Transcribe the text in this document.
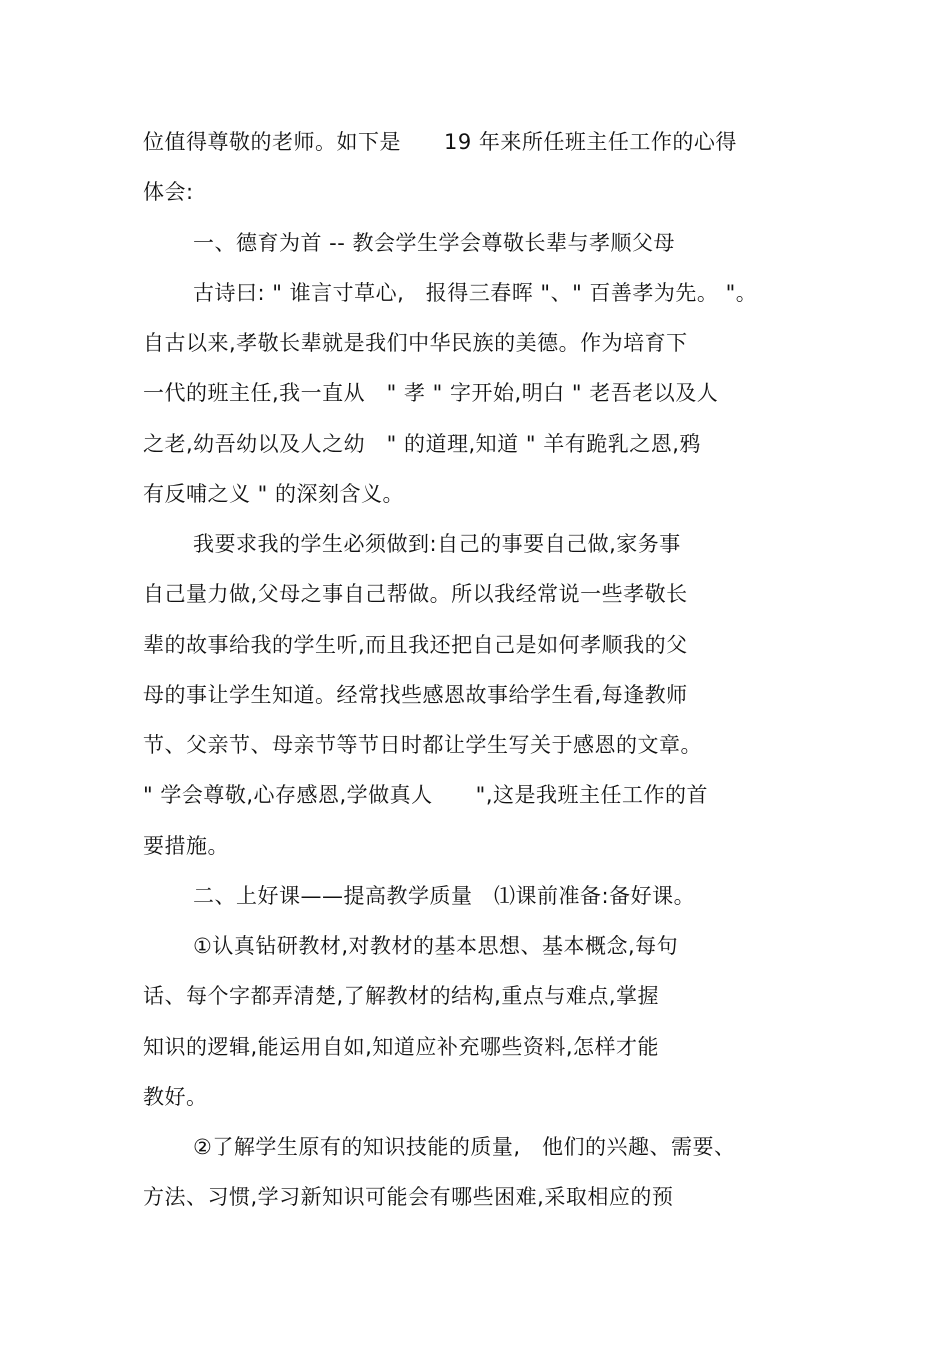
位值得尊敬的老师。如下是　　19 年来所任班主任工作的心得
体会:
一、德育为首 -- 教会学生学会尊敬长辈与孝顺父母
古诗曰: " 谁言寸草心,　报得三春晖 "、" 百善孝为先。 "。
自古以来,孝敬长辈就是我们中华民族的美德。作为培育下
一代的班主任,我一直从　" 孝 " 字开始,明白 " 老吾老以及人
之老,幼吾幼以及人之幼　" 的道理,知道 " 羊有跪乳之恩,鸦
有反哺之义 " 的深刻含义。
我要求我的学生必须做到:自己的事要自己做,家务事
自己量力做,父母之事自己帮做。所以我经常说一些孝敬长
辈的故事给我的学生听,而且我还把自己是如何孝顺我的父
母的事让学生知道。经常找些感恩故事给学生看,每逢教师
节、父亲节、母亲节等节日时都让学生写关于感恩的文章。
" 学会尊敬,心存感恩,学做真人　　",这是我班主任工作的首
要措施。
二、上好课——提高教学质量　⑴课前准备:备好课。
①认真钻研教材,对教材的基本思想、基本概念,每句
话、每个字都弄清楚,了解教材的结构,重点与难点,掌握
知识的逻辑,能运用自如,知道应补充哪些资料,怎样才能
教好。
②了解学生原有的知识技能的质量,　他们的兴趣、需要、
方法、习惯,学习新知识可能会有哪些困难,采取相应的预
